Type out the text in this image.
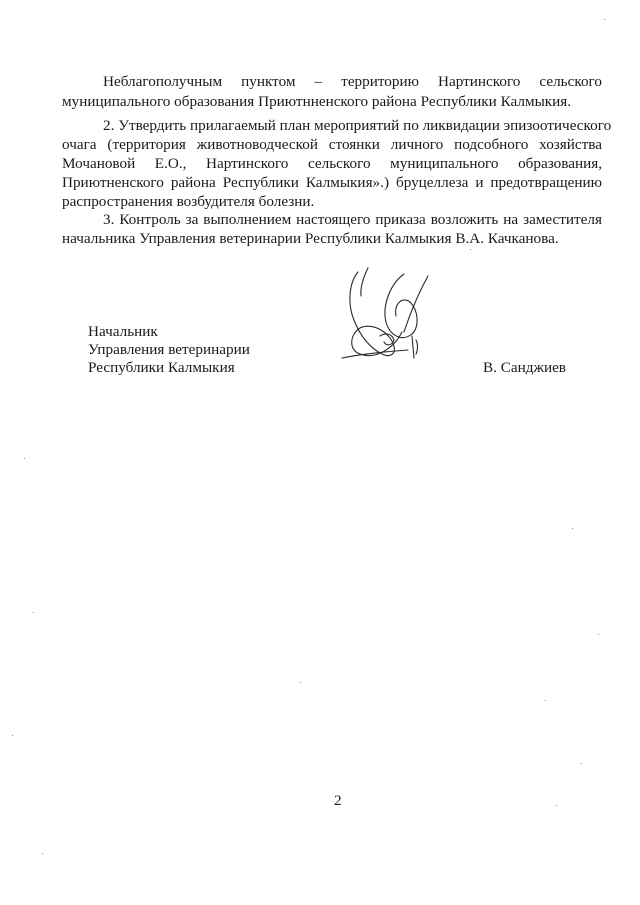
Неблагополучным пунктом – территорию Нартинского сельского

муниципального образования Приютнненского района Республики Калмыкия.

2. Утвердить прилагаемый план мероприятий по ликвидации эпизоотического

очага (территория животноводческой стоянки личного подсобного хозяйства

Мочановой Е.О., Нартинского сельского муниципального образования,

Приютненского района Республики Калмыкия».) бруцеллеза и предотвращению

распространения возбудителя болезни.

3. Контроль за выполнением настоящего приказа возложить на заместителя

начальника Управления ветеринарии Республики Калмыкия В.А. Качканова.

Начальник

Управления ветеринарии

Республики Калмыкия	В. Санджиев

2
